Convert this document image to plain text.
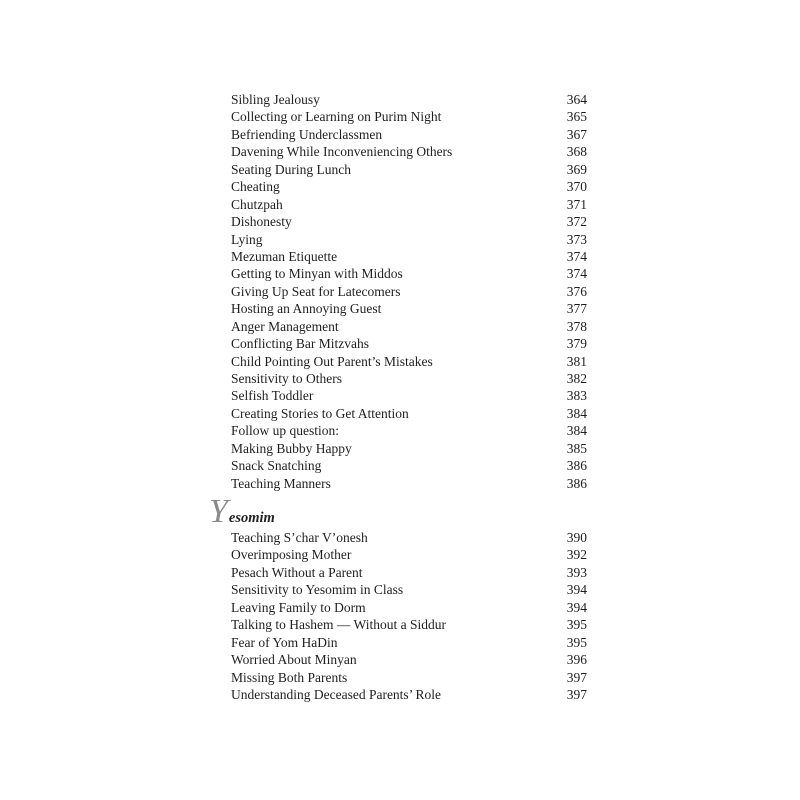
Sibling Jealousy	364
Collecting or Learning on Purim Night	365
Befriending Underclassmen	367
Davening While Inconveniencing Others	368
Seating During Lunch	369
Cheating	370
Chutzpah	371
Dishonesty	372
Lying	373
Mezuman Etiquette	374
Getting to Minyan with Middos	374
Giving Up Seat for Latecomers	376
Hosting an Annoying Guest	377
Anger Management	378
Conflicting Bar Mitzvahs	379
Child Pointing Out Parent’s Mistakes	381
Sensitivity to Others	382
Selfish Toddler	383
Creating Stories to Get Attention	384
Follow up question:	384
Making Bubby Happy	385
Snack Snatching	386
Teaching Manners	386
Y esomim
Teaching S’char V’onesh	390
Overimposing Mother	392
Pesach Without a Parent	393
Sensitivity to Yesomim in Class	394
Leaving Family to Dorm	394
Talking to Hashem — Without a Siddur	395
Fear of Yom HaDin	395
Worried About Minyan	396
Missing Both Parents	397
Understanding Deceased Parents’ Role	397
